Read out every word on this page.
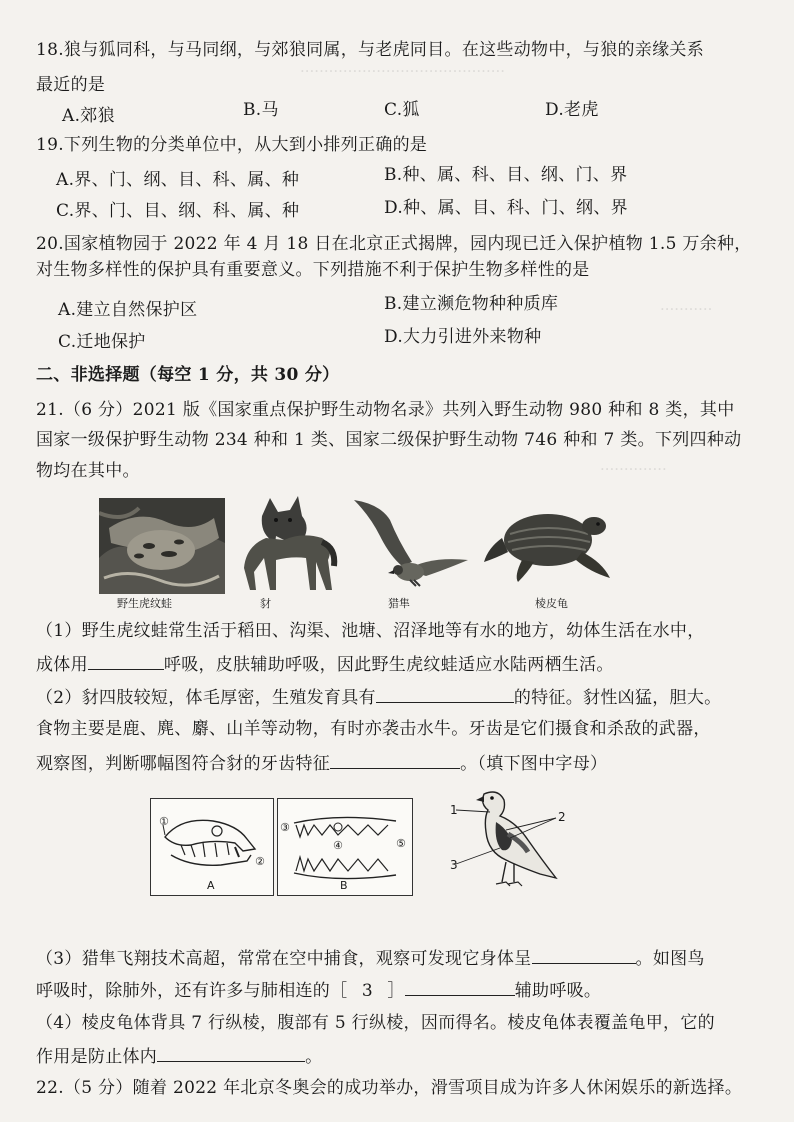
···········································
···········
··············
18.狼与狐同科，与马同纲，与郊狼同属，与老虎同目。在这些动物中，与狼的亲缘关系
最近的是
A.郊狼	B.马	C.狐	D.老虎
19.下列生物的分类单位中，从大到小排列正确的是
A.界、门、纲、目、科、属、种	B.种、属、科、目、纲、门、界
C.界、门、目、纲、科、属、种	D.种、属、目、科、门、纲、界
20.国家植物园于 2022 年 4 月 18 日在北京正式揭牌，园内现已迁入保护植物 1.5 万余种，
对生物多样性的保护具有重要意义。下列措施不利于保护生物多样性的是
A.建立自然保护区	B.建立濒危物种种质库
C.迁地保护	D.大力引进外来物种
二、非选择题（每空 1 分，共 30 分）
21.（6 分）2021 版《国家重点保护野生动物名录》共列入野生动物 980 种和 8 类，其中
国家一级保护野生动物 234 种和 1 类、国家二级保护野生动物 746 种和 7 类。下列四种动
物均在其中。
野生虎纹蛙	豺	猎隼	棱皮龟
（1）野生虎纹蛙常生活于稻田、沟渠、池塘、沼泽地等有水的地方，幼体生活在水中，
成体用	呼吸，皮肤辅助呼吸，因此野生虎纹蛙适应水陆两栖生活。
（2）豺四肢较短，体毛厚密，生殖发育具有	的特征。豺性凶猛，胆大。
食物主要是鹿、麂、麝、山羊等动物，有时亦袭击水牛。牙齿是它们摄食和杀敌的武器，
观察图，判断哪幅图符合豺的牙齿特征	。（填下图中字母）
①
②
A
③
④	⑤
B
1	2
3
（3）猎隼飞翔技术高超，常常在空中捕食，观察可发现它身体呈	。如图鸟
呼吸时，除肺外，还有许多与肺相连的［ 3 ］	辅助呼吸。
（4）棱皮龟体背具 7 行纵棱，腹部有 5 行纵棱，因而得名。棱皮龟体表覆盖龟甲，它的
作用是防止体内	。
22.（5 分）随着 2022 年北京冬奥会的成功举办，滑雪项目成为许多人休闲娱乐的新选择。
